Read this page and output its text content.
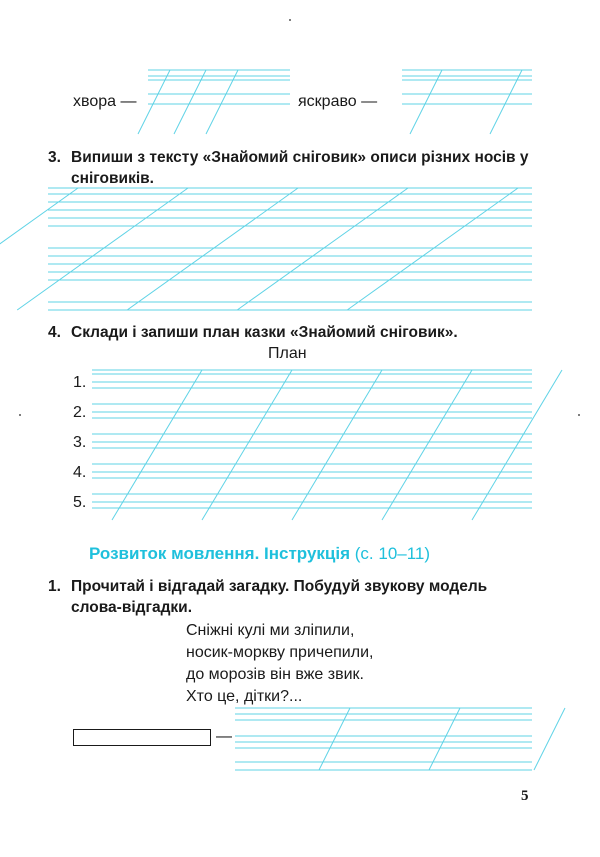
хвора —	яскраво —
3. Випиши з тексту «Знайомий сніговик» описи різних носів у сніговиків.
4. Склади і запиши план казки «Знайомий сніговик».
План
1.
2.
3.
4.
5.
Розвиток мовлення. Інструкція (с. 10–11)
1. Прочитай і відгадай загадку. Побудуй звукову модель слова-відгадки.
Сніжні кулі ми зліпили,
носик-моркву причепили,
до морозів він вже звик.
Хто це, дітки?...
—
5
